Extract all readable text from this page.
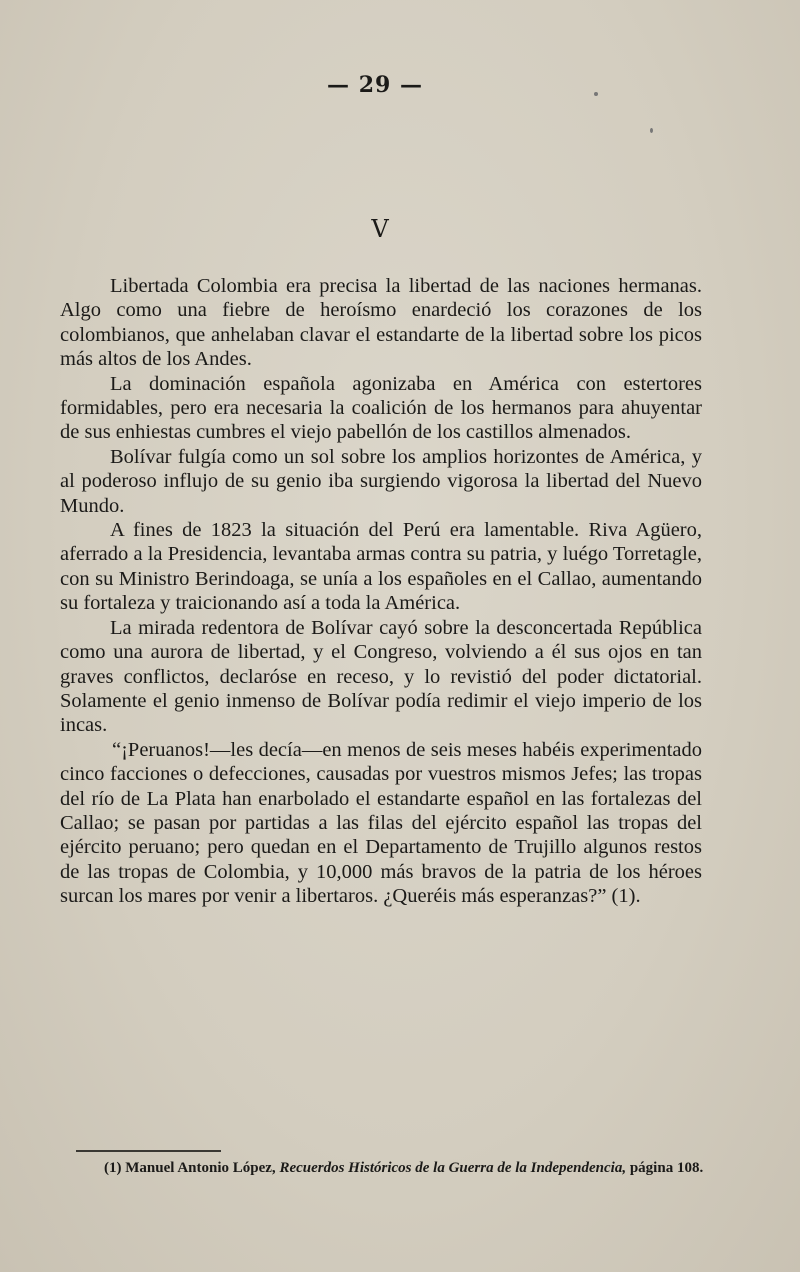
— 29 —
V

Libertada Colombia era precisa la libertad de las naciones hermanas. Algo como una fiebre de heroísmo enardeció los corazones de los colombianos, que anhelaban clavar el estandarte de la libertad sobre los picos más altos de los Andes.

La dominación española agonizaba en América con estertores formidables, pero era necesaria la coalición de los hermanos para ahuyentar de sus enhiestas cumbres el viejo pabellón de los castillos almenados.

Bolívar fulgía como un sol sobre los amplios horizontes de América, y al poderoso influjo de su genio iba surgiendo vigorosa la libertad del Nuevo Mundo.

A fines de 1823 la situación del Perú era lamentable. Riva Agüero, aferrado a la Presidencia, levantaba armas contra su patria, y luégo Torretagle, con su Ministro Berindoaga, se unía a los españoles en el Callao, aumentando su fortaleza y traicionando así a toda la América.

La mirada redentora de Bolívar cayó sobre la desconcertada República como una aurora de libertad, y el Congreso, volviendo a él sus ojos en tan graves conflictos, declaróse en receso, y lo revistió del poder dictatorial. Solamente el genio inmenso de Bolívar podía redimir el viejo imperio de los incas.

“¡Peruanos!—les decía—en menos de seis meses habéis experimentado cinco facciones o defecciones, causadas por vuestros mismos Jefes; las tropas del río de La Plata han enarbolado el estandarte español en las fortalezas del Callao; se pasan por partidas a las filas del ejército español las tropas del ejército peruano; pero quedan en el Departamento de Trujillo algunos restos de las tropas de Colombia, y 10,000 más bravos de la patria de los héroes surcan los mares por venir a libertaros. ¿Queréis más esperanzas?” (1).

(1) Manuel Antonio López, Recuerdos Históricos de la Guerra de la Independencia, página 108.
